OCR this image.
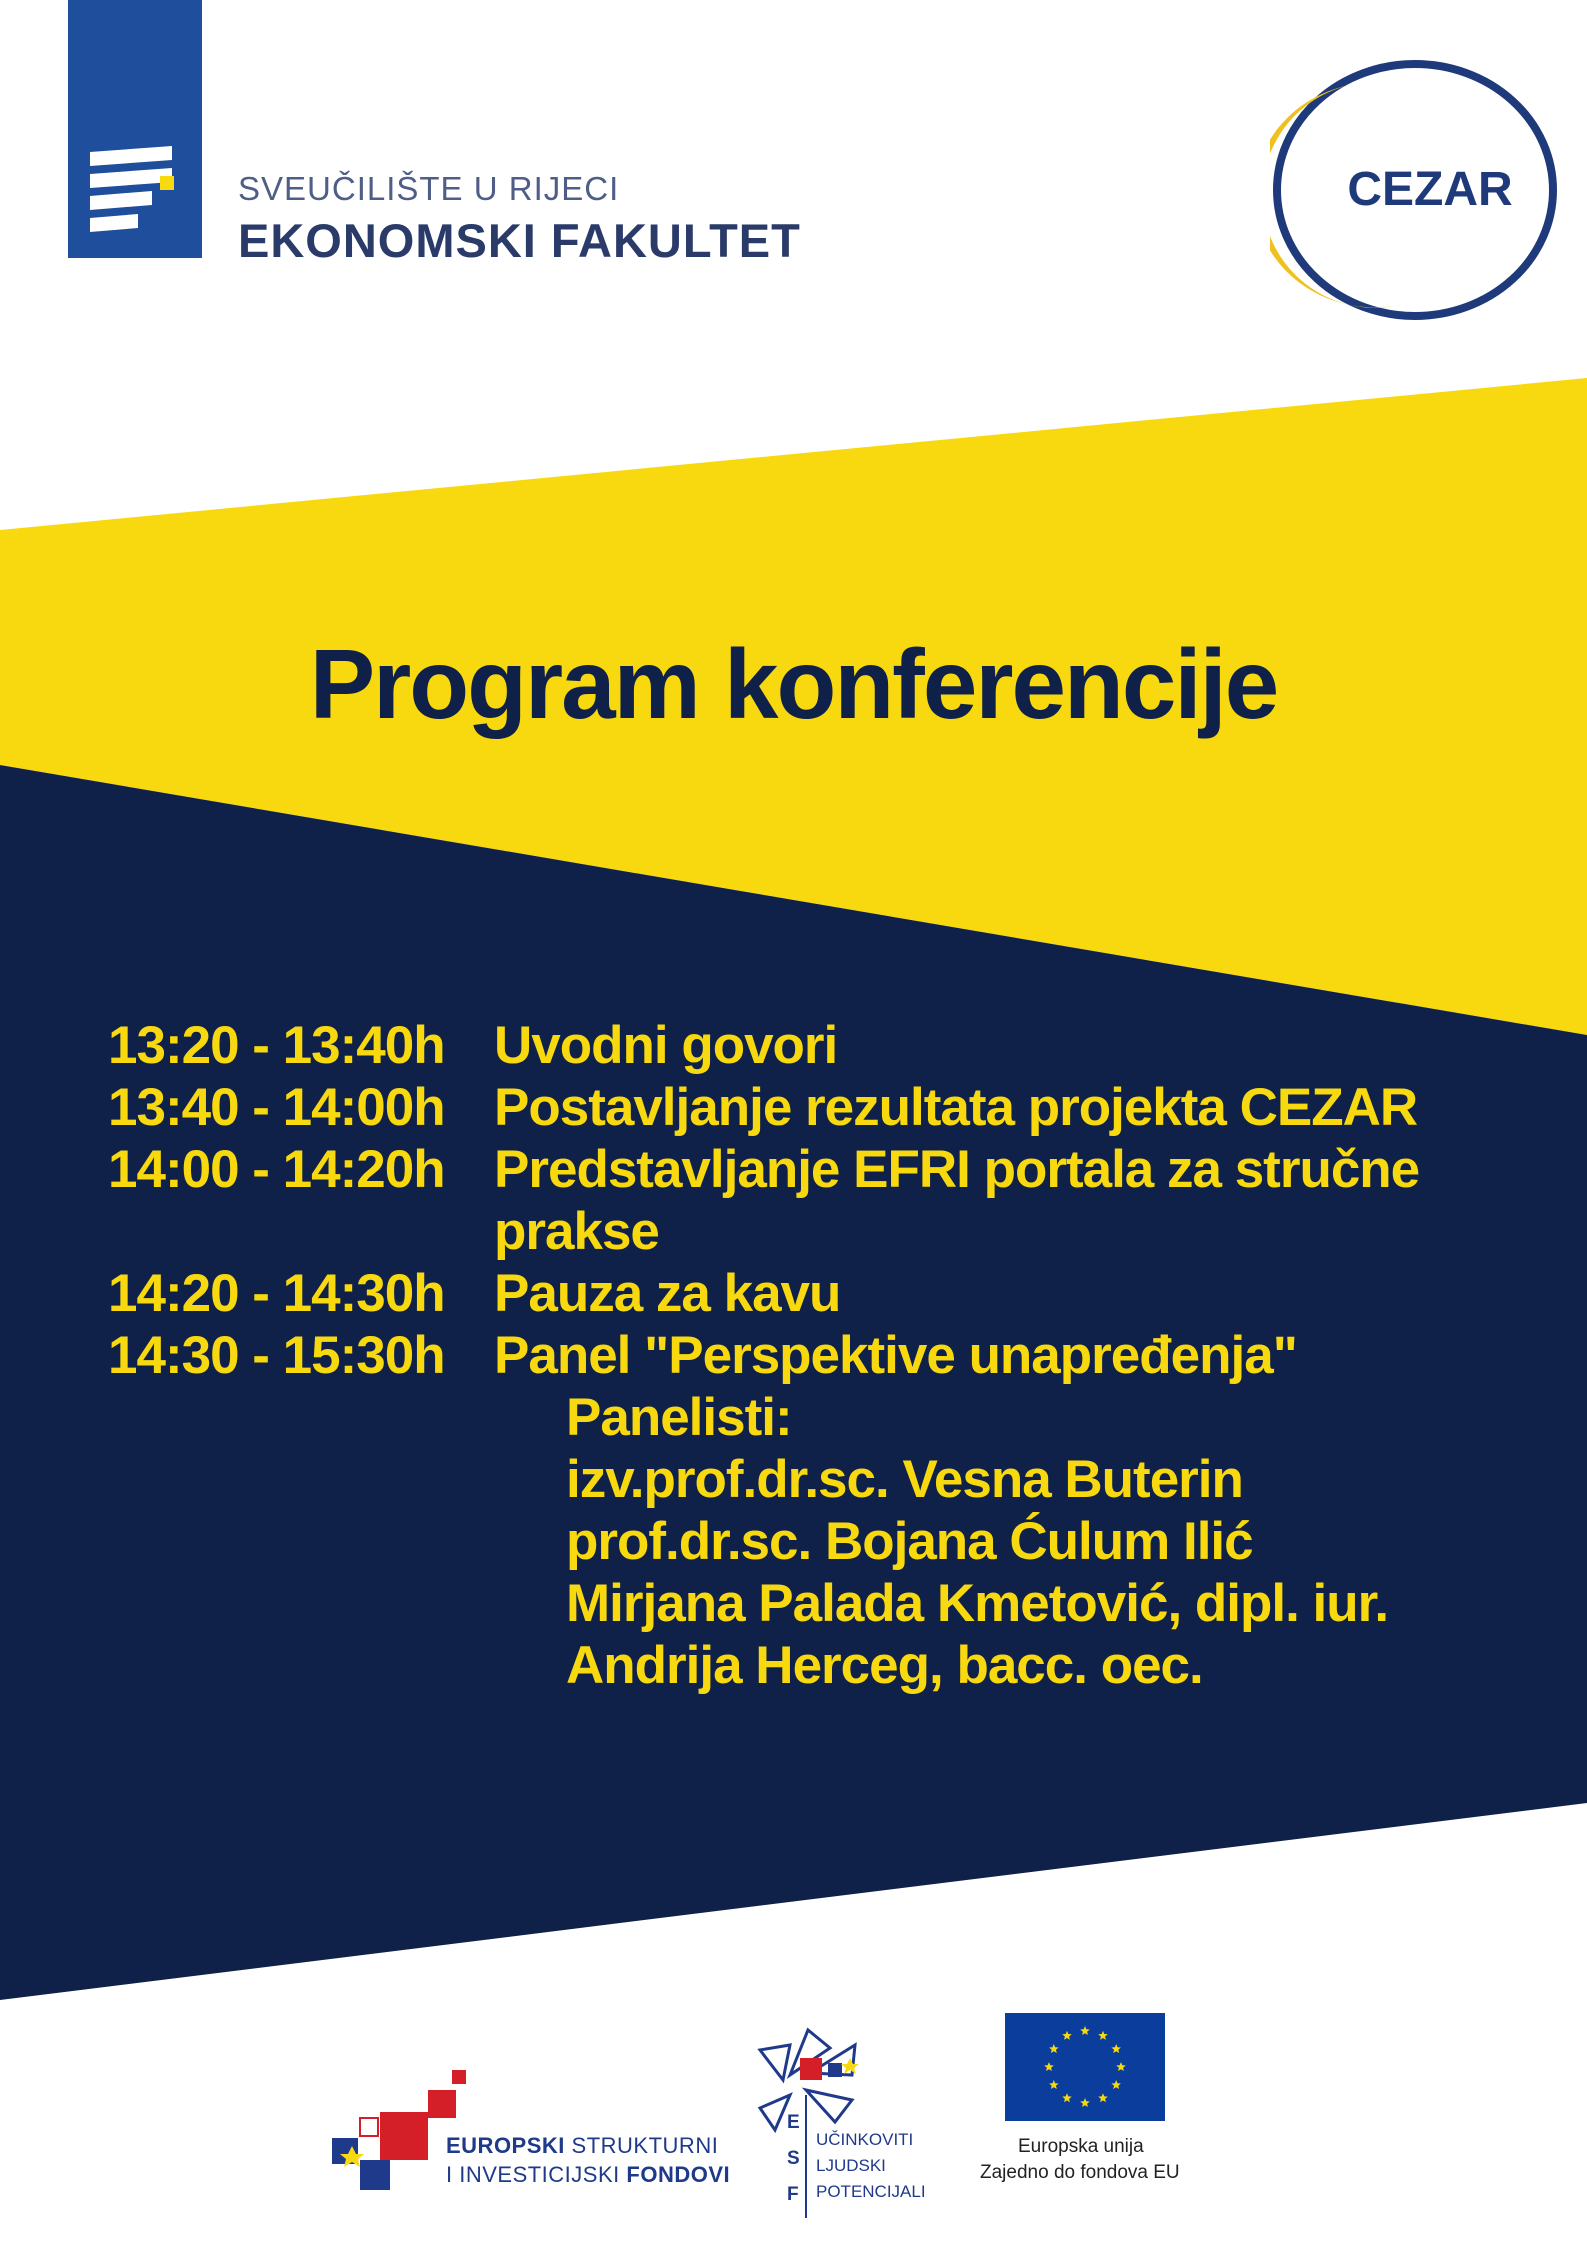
SVEUČILIŠTE U RIJECI
EKONOMSKI FAKULTET
CEZAR
Program konferencije
13:20 - 13:40h Uvodni govori
13:40 - 14:00h Postavljanje rezultata projekta CEZAR
14:00 - 14:20h Predstavljanje EFRI portala za stručne prakse
14:20 - 14:30h Pauza za kavu
14:30 - 15:30h Panel "Perspektive unapređenja"
Panelisti:
izv.prof.dr.sc. Vesna Buterin
prof.dr.sc. Bojana Ćulum Ilić
Mirjana Palada Kmetović, dipl. iur.
Andrija Herceg, bacc. oec.
EUROPSKI STRUKTURNI
I INVESTICIJSKI FONDOVI
E
S
F
UČINKOVITI
LJUDSKI
POTENCIJALI
Europska unija
Zajedno do fondova EU
